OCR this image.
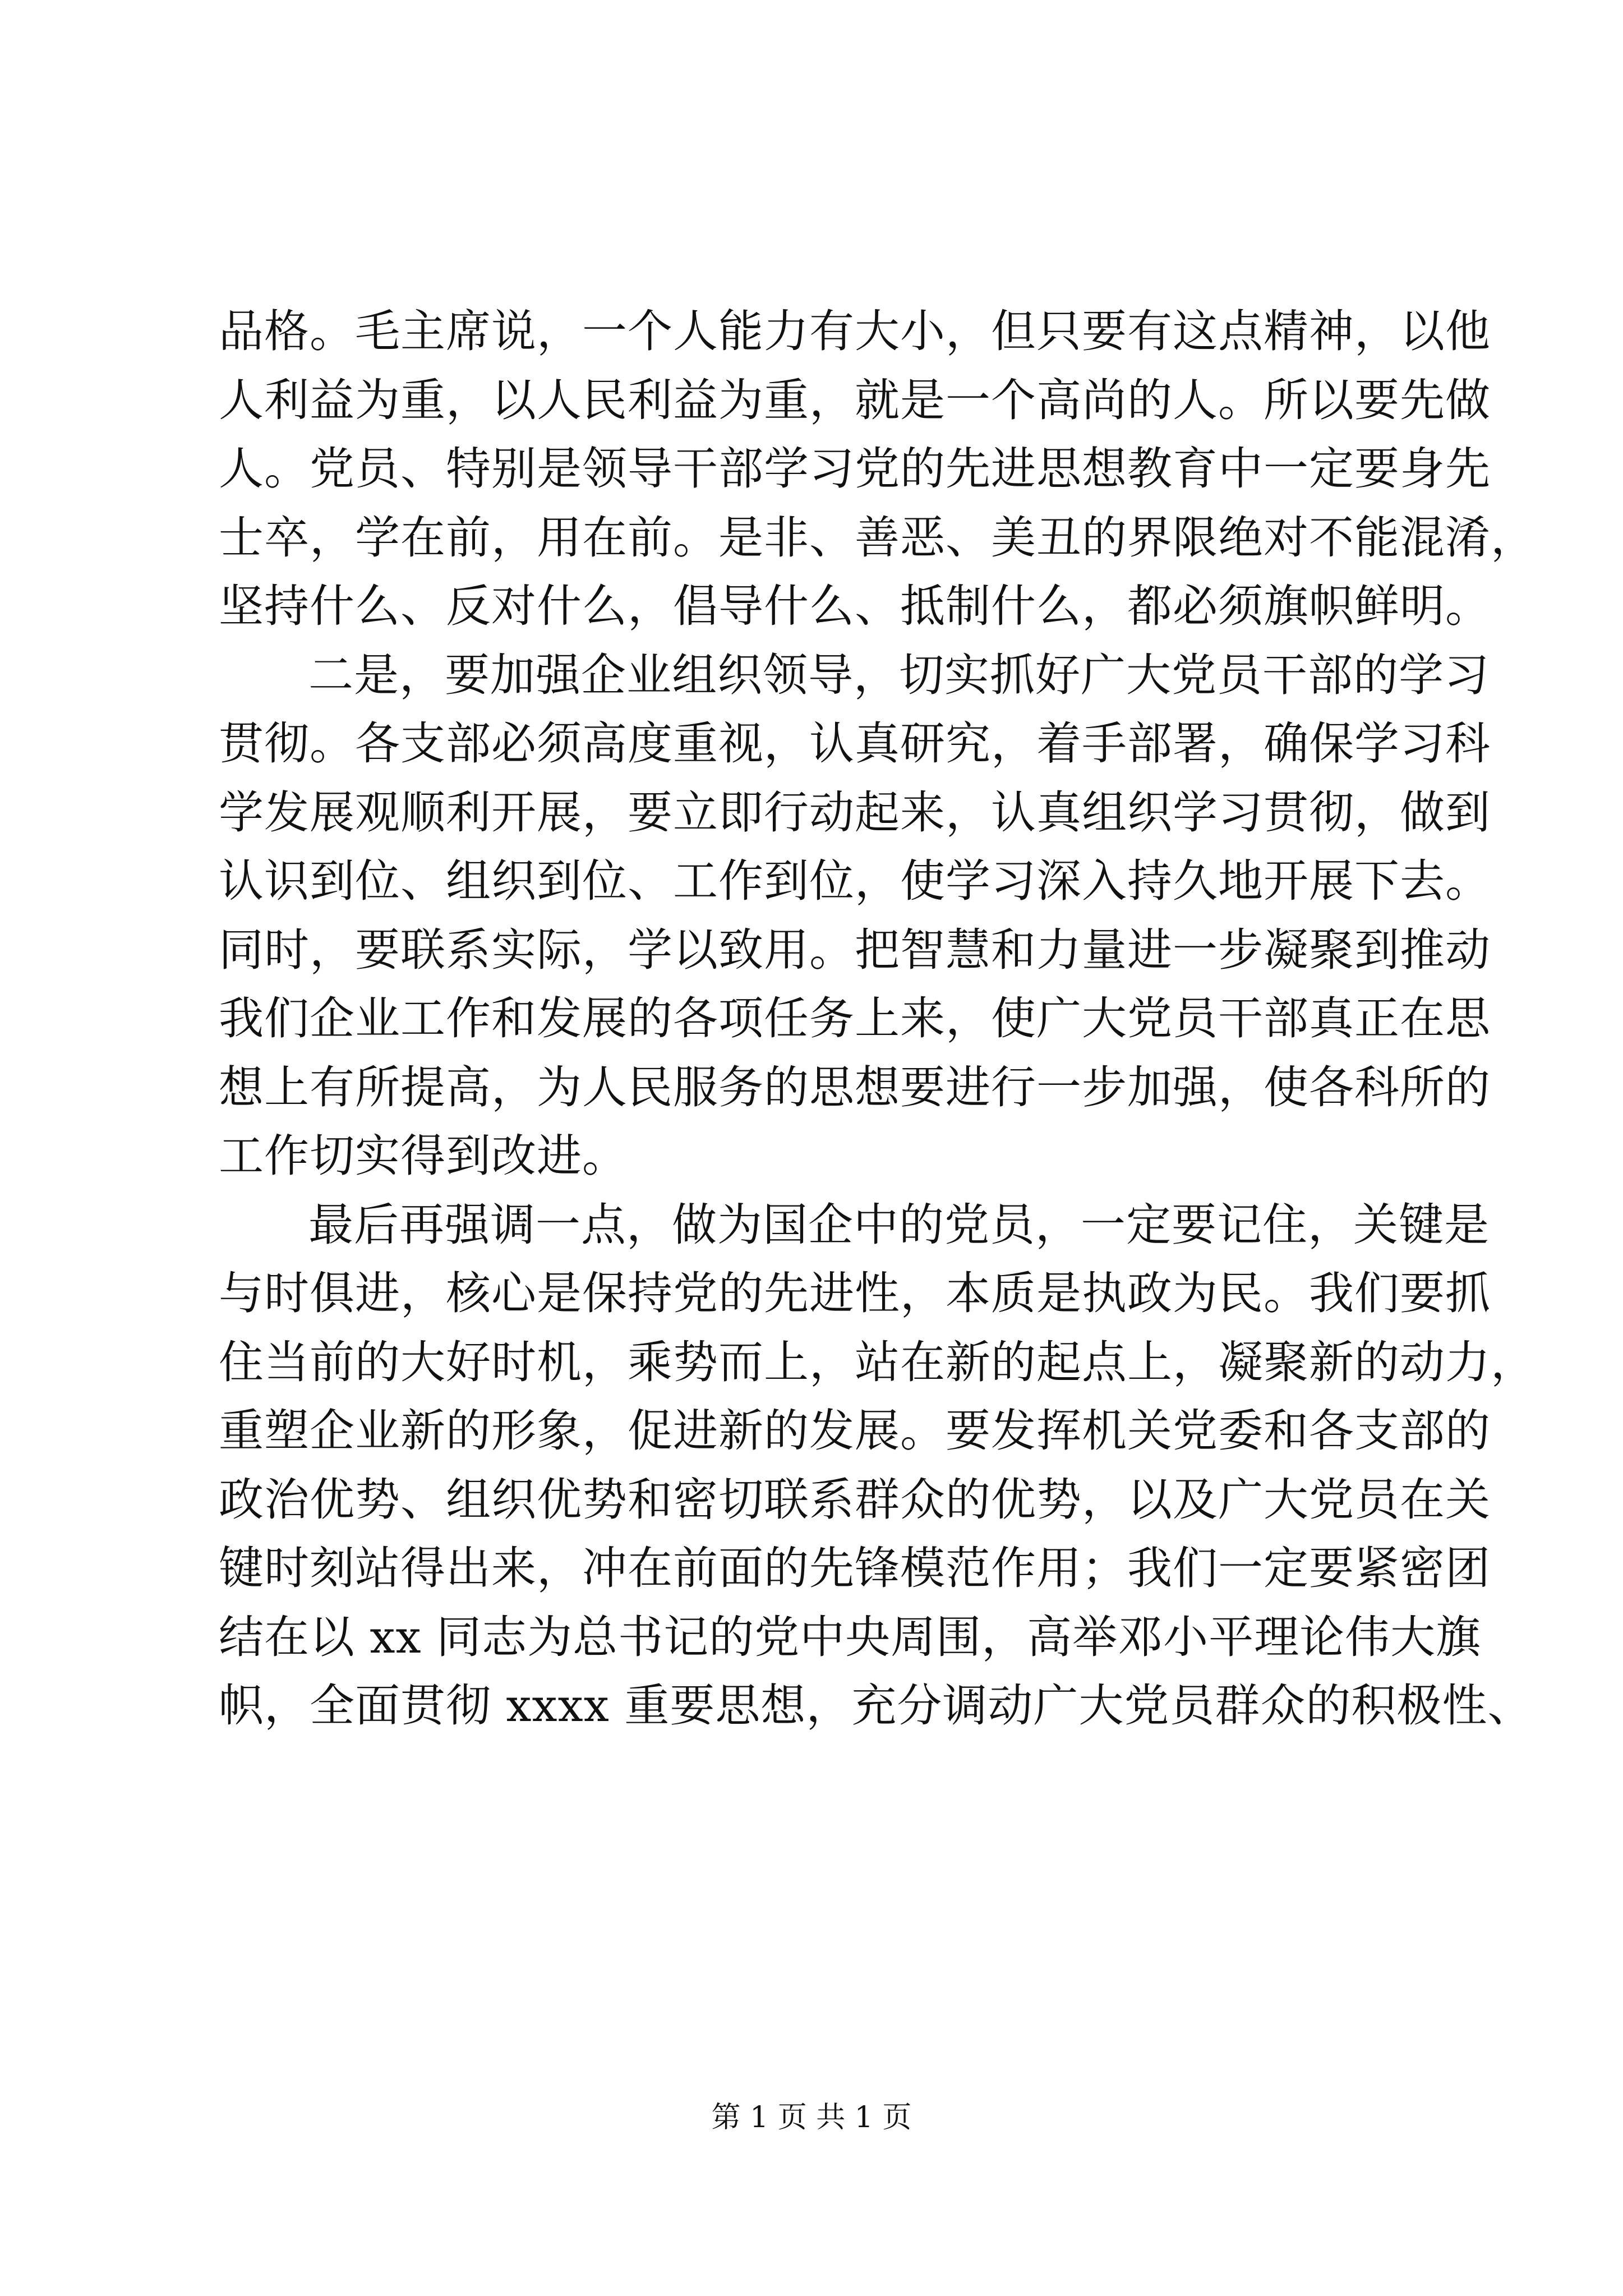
品格。毛主席说，一个人能力有大小，但只要有这点精神，以他
人利益为重，以人民利益为重，就是一个高尚的人。所以要先做
人。党员、特别是领导干部学习党的先进思想教育中一定要身先
士卒，学在前，用在前。是非、善恶、美丑的界限绝对不能混淆，
坚持什么、反对什么，倡导什么、抵制什么，都必须旗帜鲜明。
二是，要加强企业组织领导，切实抓好广大党员干部的学习
贯彻。各支部必须高度重视，认真研究，着手部署，确保学习科
学发展观顺利开展，要立即行动起来，认真组织学习贯彻，做到
认识到位、组织到位、工作到位，使学习深入持久地开展下去。
同时，要联系实际，学以致用。把智慧和力量进一步凝聚到推动
我们企业工作和发展的各项任务上来，使广大党员干部真正在思
想上有所提高，为人民服务的思想要进行一步加强，使各科所的
工作切实得到改进。
最后再强调一点，做为国企中的党员，一定要记住，关键是
与时俱进，核心是保持党的先进性，本质是执政为民。我们要抓
住当前的大好时机，乘势而上，站在新的起点上，凝聚新的动力，
重塑企业新的形象，促进新的发展。要发挥机关党委和各支部的
政治优势、组织优势和密切联系群众的优势，以及广大党员在关
键时刻站得出来，冲在前面的先锋模范作用；我们一定要紧密团
结在以 xx 同志为总书记的党中央周围，高举邓小平理论伟大旗
帜，全面贯彻 xxxx 重要思想，充分调动广大党员群众的积极性、
第 1 页 共 1 页
